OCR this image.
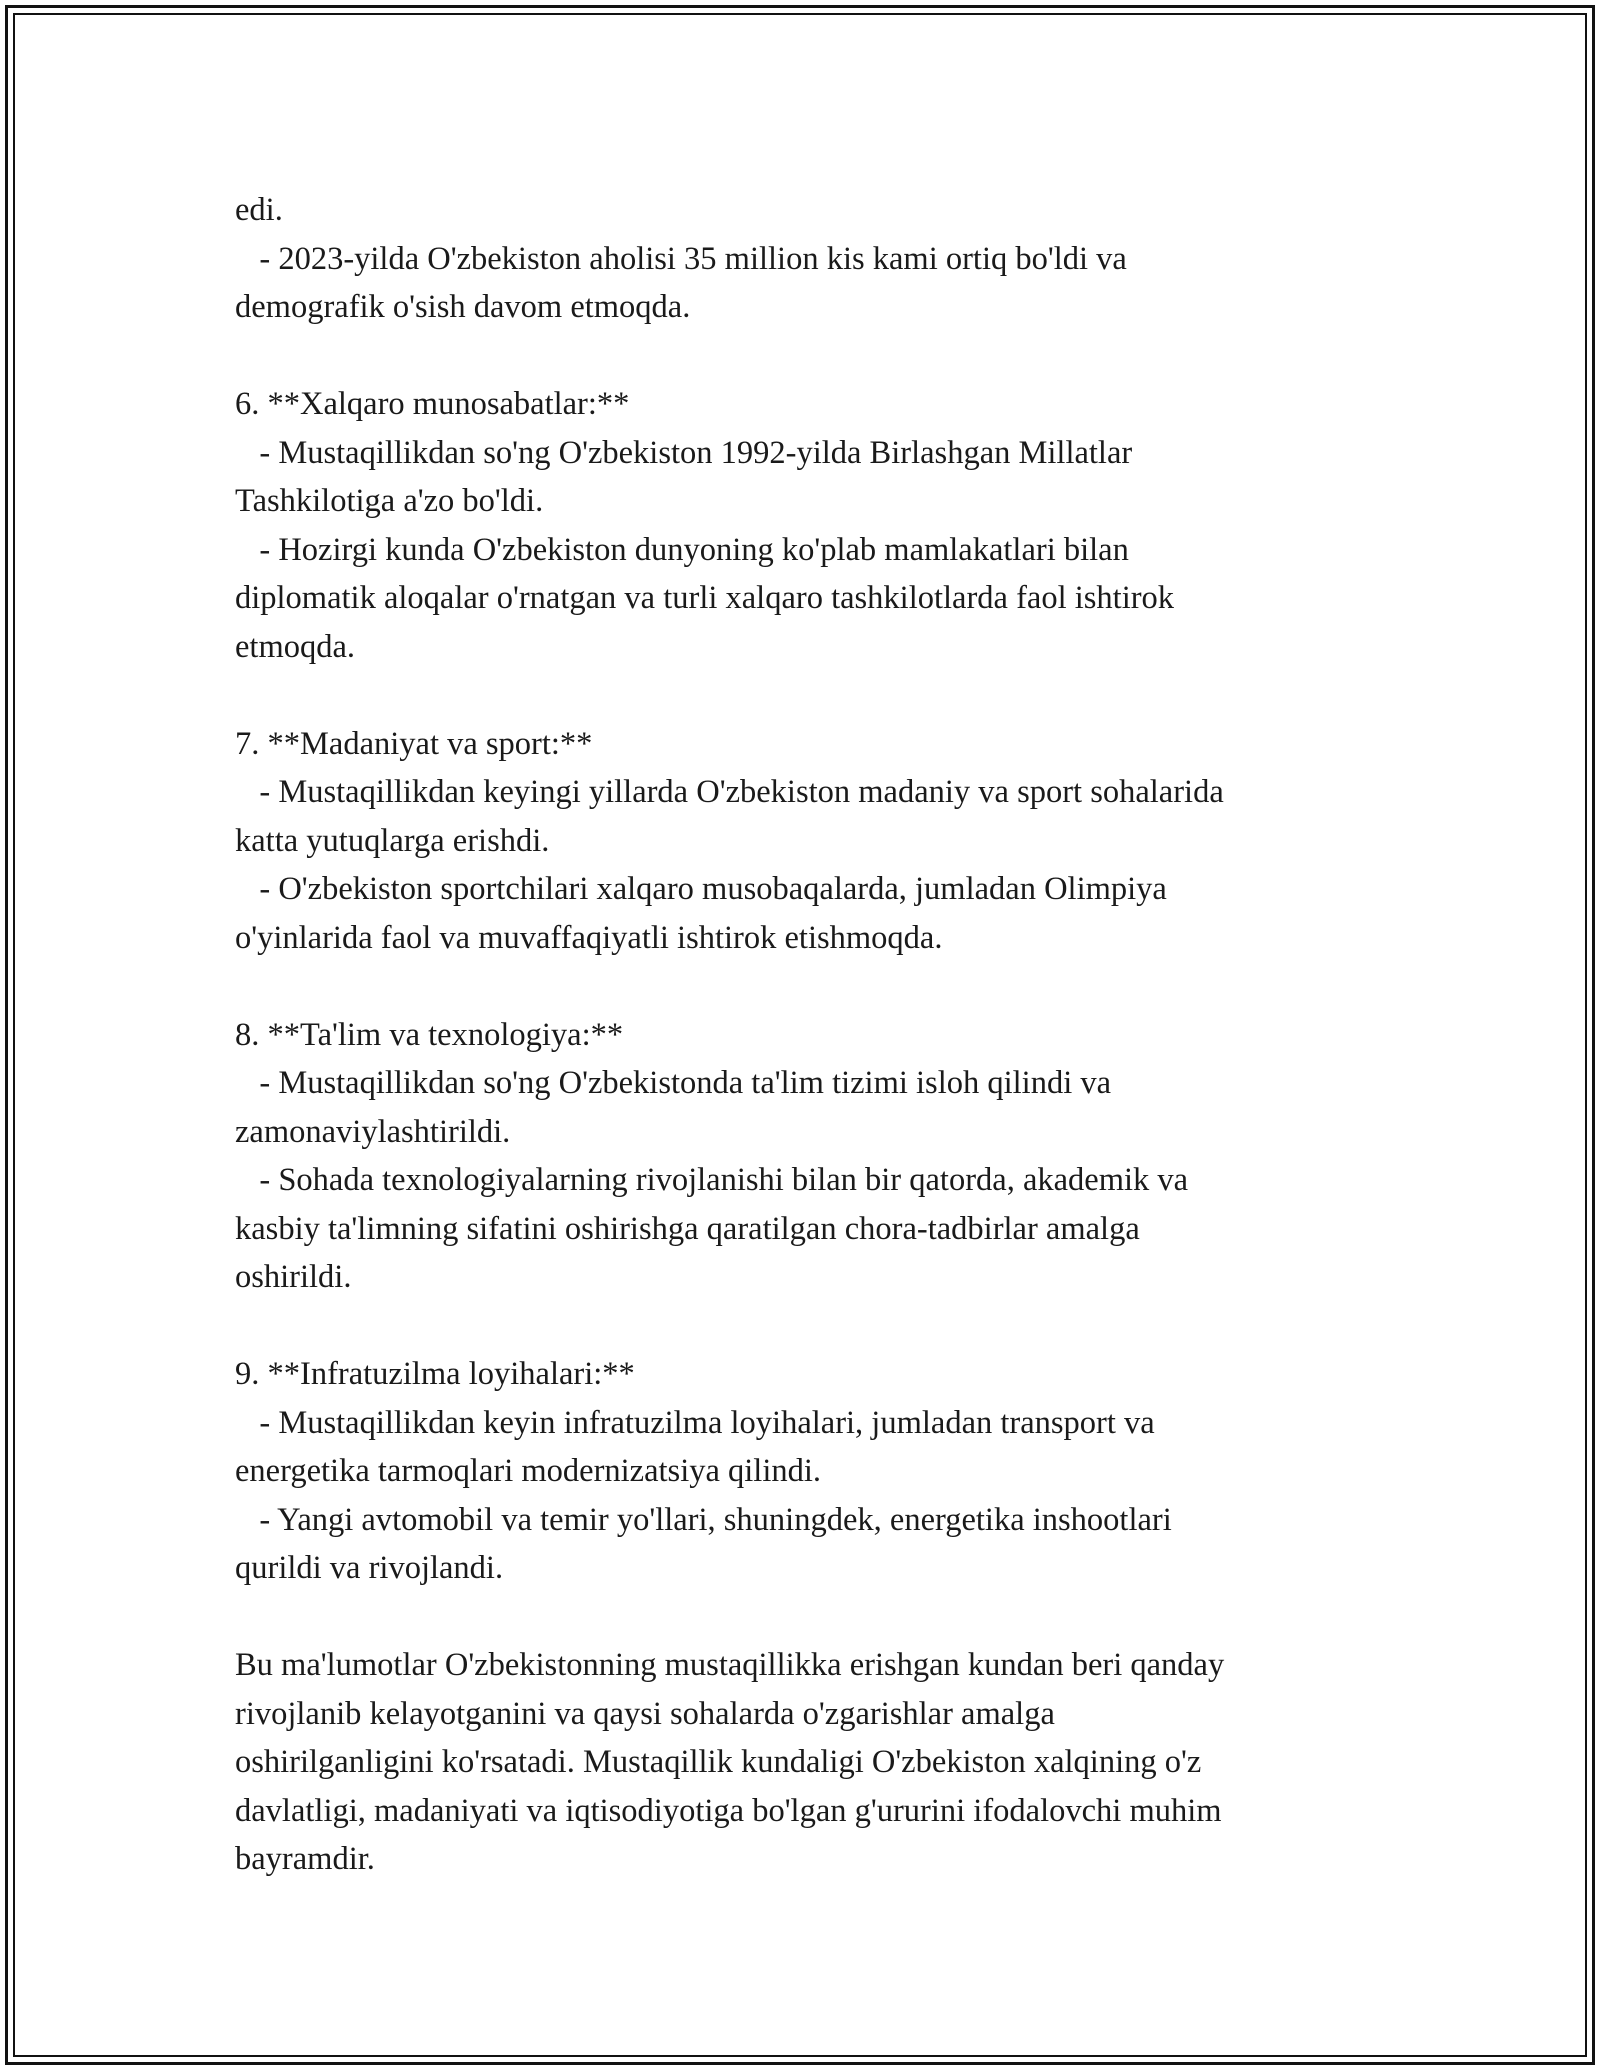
edi.
- 2023-yilda O'zbekiston aholisi 35 million kis kami ortiq bo'ldi va
demografik o'sish davom etmoqda.
6. **Xalqaro munosabatlar:**
- Mustaqillikdan so'ng O'zbekiston 1992-yilda Birlashgan Millatlar
Tashkilotiga a'zo bo'ldi.
- Hozirgi kunda O'zbekiston dunyoning ko'plab mamlakatlari bilan
diplomatik aloqalar o'rnatgan va turli xalqaro tashkilotlarda faol ishtirok
etmoqda.
7. **Madaniyat va sport:**
- Mustaqillikdan keyingi yillarda O'zbekiston madaniy va sport sohalarida
katta yutuqlarga erishdi.
- O'zbekiston sportchilari xalqaro musobaqalarda, jumladan Olimpiya
o'yinlarida faol va muvaffaqiyatli ishtirok etishmoqda.
8. **Ta'lim va texnologiya:**
- Mustaqillikdan so'ng O'zbekistonda ta'lim tizimi isloh qilindi va
zamonaviylashtirildi.
- Sohada texnologiyalarning rivojlanishi bilan bir qatorda, akademik va
kasbiy ta'limning sifatini oshirishga qaratilgan chora-tadbirlar amalga
oshirildi.
9. **Infratuzilma loyihalari:**
- Mustaqillikdan keyin infratuzilma loyihalari, jumladan transport va
energetika tarmoqlari modernizatsiya qilindi.
- Yangi avtomobil va temir yo'llari, shuningdek, energetika inshootlari
qurildi va rivojlandi.
Bu ma'lumotlar O'zbekistonning mustaqillikka erishgan kundan beri qanday
rivojlanib kelayotganini va qaysi sohalarda o'zgarishlar amalga
oshirilganligini ko'rsatadi. Mustaqillik kundaligi O'zbekiston xalqining o'z
davlatligi, madaniyati va iqtisodiyotiga bo'lgan g'ururini ifodalovchi muhim
bayramdir.
